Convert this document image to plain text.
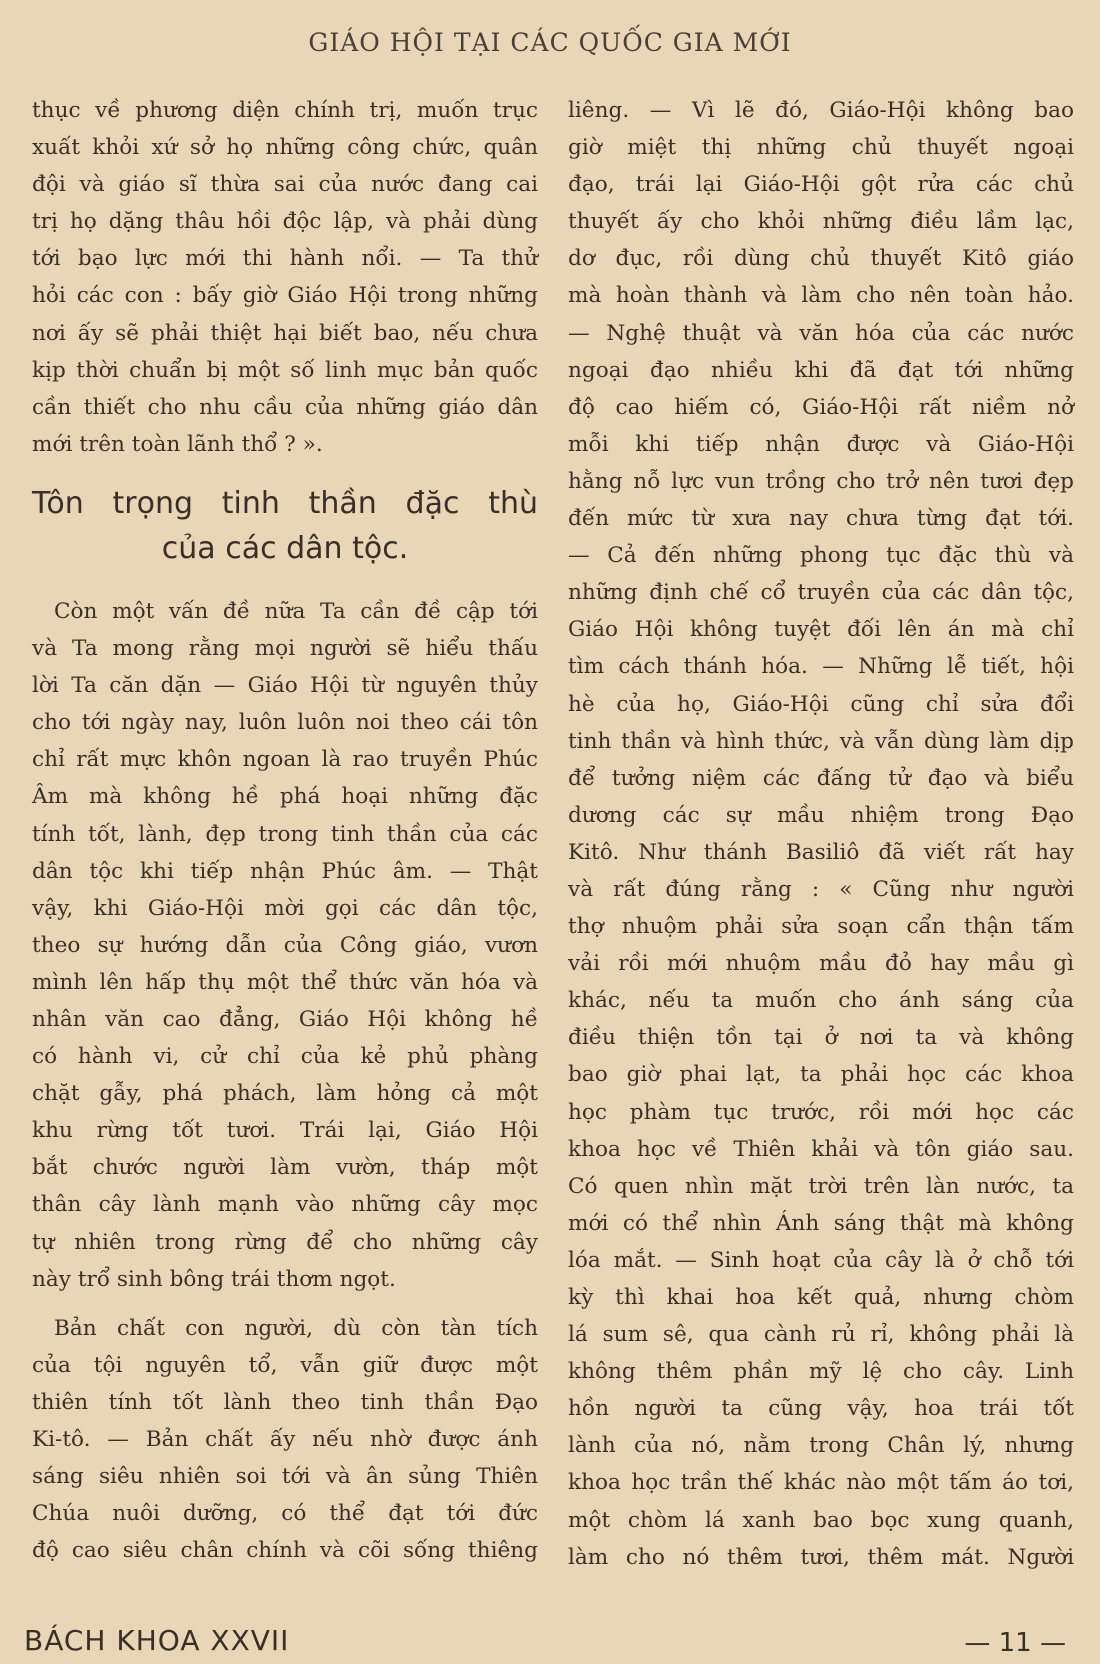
GIÁO HỘI TẠI CÁC QUỐC GIA MỚI
thục về phương diện chính trị, muốn trục
xuất khỏi xứ sở họ những công chức, quân
đội và giáo sĩ thừa sai của nước đang cai
trị họ dặng thâu hồi độc lập, và phải dùng
tới bạo lực mới thi hành nổi. — Ta thử
hỏi các con : bấy giờ Giáo Hội trong những
nơi ấy sẽ phải thiệt hại biết bao, nếu chưa
kịp thời chuẩn bị một số linh mục bản quốc
cần thiết cho nhu cầu của những giáo dân
mới trên toàn lãnh thổ ? ».
Tôn trọng tinh thần đặc thù
của các dân tộc.
Còn một vấn đề nữa Ta cần đề cập tới
và Ta mong rằng mọi người sẽ hiểu thấu
lời Ta căn dặn — Giáo Hội từ nguyên thủy
cho tới ngày nay, luôn luôn noi theo cái tôn
chỉ rất mực khôn ngoan là rao truyền Phúc
Âm mà không hề phá hoại những đặc
tính tốt, lành, đẹp trong tinh thần của các
dân tộc khi tiếp nhận Phúc âm. — Thật
vậy, khi Giáo-Hội mời gọi các dân tộc,
theo sự hướng dẫn của Công giáo, vươn
mình lên hấp thụ một thể thức văn hóa và
nhân văn cao đẳng, Giáo Hội không hề
có hành vi, cử chỉ của kẻ phủ phàng
chặt gẫy, phá phách, làm hỏng cả một
khu rừng tốt tươi. Trái lại, Giáo Hội
bắt chước người làm vườn, tháp một
thân cây lành mạnh vào những cây mọc
tự nhiên trong rừng để cho những cây
này trổ sinh bông trái thơm ngọt.
Bản chất con người, dù còn tàn tích
của tội nguyên tổ, vẫn giữ được một
thiên tính tốt lành theo tinh thần Đạo
Ki-tô. — Bản chất ấy nếu nhờ được ánh
sáng siêu nhiên soi tới và ân sủng Thiên
Chúa nuôi dưỡng, có thể đạt tới đức
độ cao siêu chân chính và cõi sống thiêng
liêng. — Vì lẽ đó, Giáo-Hội không bao
giờ miệt thị những chủ thuyết ngoại
đạo, trái lại Giáo-Hội gột rửa các chủ
thuyết ấy cho khỏi những điều lầm lạc,
dơ đục, rồi dùng chủ thuyết Kitô giáo
mà hoàn thành và làm cho nên toàn hảo.
— Nghệ thuật và văn hóa của các nước
ngoại đạo nhiều khi đã đạt tới những
độ cao hiếm có, Giáo-Hội rất niềm nở
mỗi khi tiếp nhận được và Giáo-Hội
hằng nỗ lực vun trồng cho trở nên tươi đẹp
đến mức từ xưa nay chưa từng đạt tới.
— Cả đến những phong tục đặc thù và
những định chế cổ truyền của các dân tộc,
Giáo Hội không tuyệt đối lên án mà chỉ
tìm cách thánh hóa. — Những lễ tiết, hội
hè của họ, Giáo-Hội cũng chỉ sửa đổi
tinh thần và hình thức, và vẫn dùng làm dịp
để tưởng niệm các đấng tử đạo và biểu
dương các sự mầu nhiệm trong Đạo
Kitô. Như thánh Basiliô đã viết rất hay
và rất đúng rằng : « Cũng như người
thợ nhuộm phải sửa soạn cẩn thận tấm
vải rồi mới nhuộm mầu đỏ hay mầu gì
khác, nếu ta muốn cho ánh sáng của
điều thiện tồn tại ở nơi ta và không
bao giờ phai lạt, ta phải học các khoa
học phàm tục trước, rồi mới học các
khoa học về Thiên khải và tôn giáo sau.
Có quen nhìn mặt trời trên làn nước, ta
mới có thể nhìn Ánh sáng thật mà không
lóa mắt. — Sinh hoạt của cây là ở chỗ tới
kỳ thì khai hoa kết quả, nhưng chòm
lá sum sê, qua cành rủ rỉ, không phải là
không thêm phần mỹ lệ cho cây. Linh
hồn người ta cũng vậy, hoa trái tốt
lành của nó, nằm trong Chân lý, nhưng
khoa học trần thế khác nào một tấm áo tơi,
một chòm lá xanh bao bọc xung quanh,
làm cho nó thêm tươi, thêm mát. Người
BÁCH KHOA XXVII	— 11 —
